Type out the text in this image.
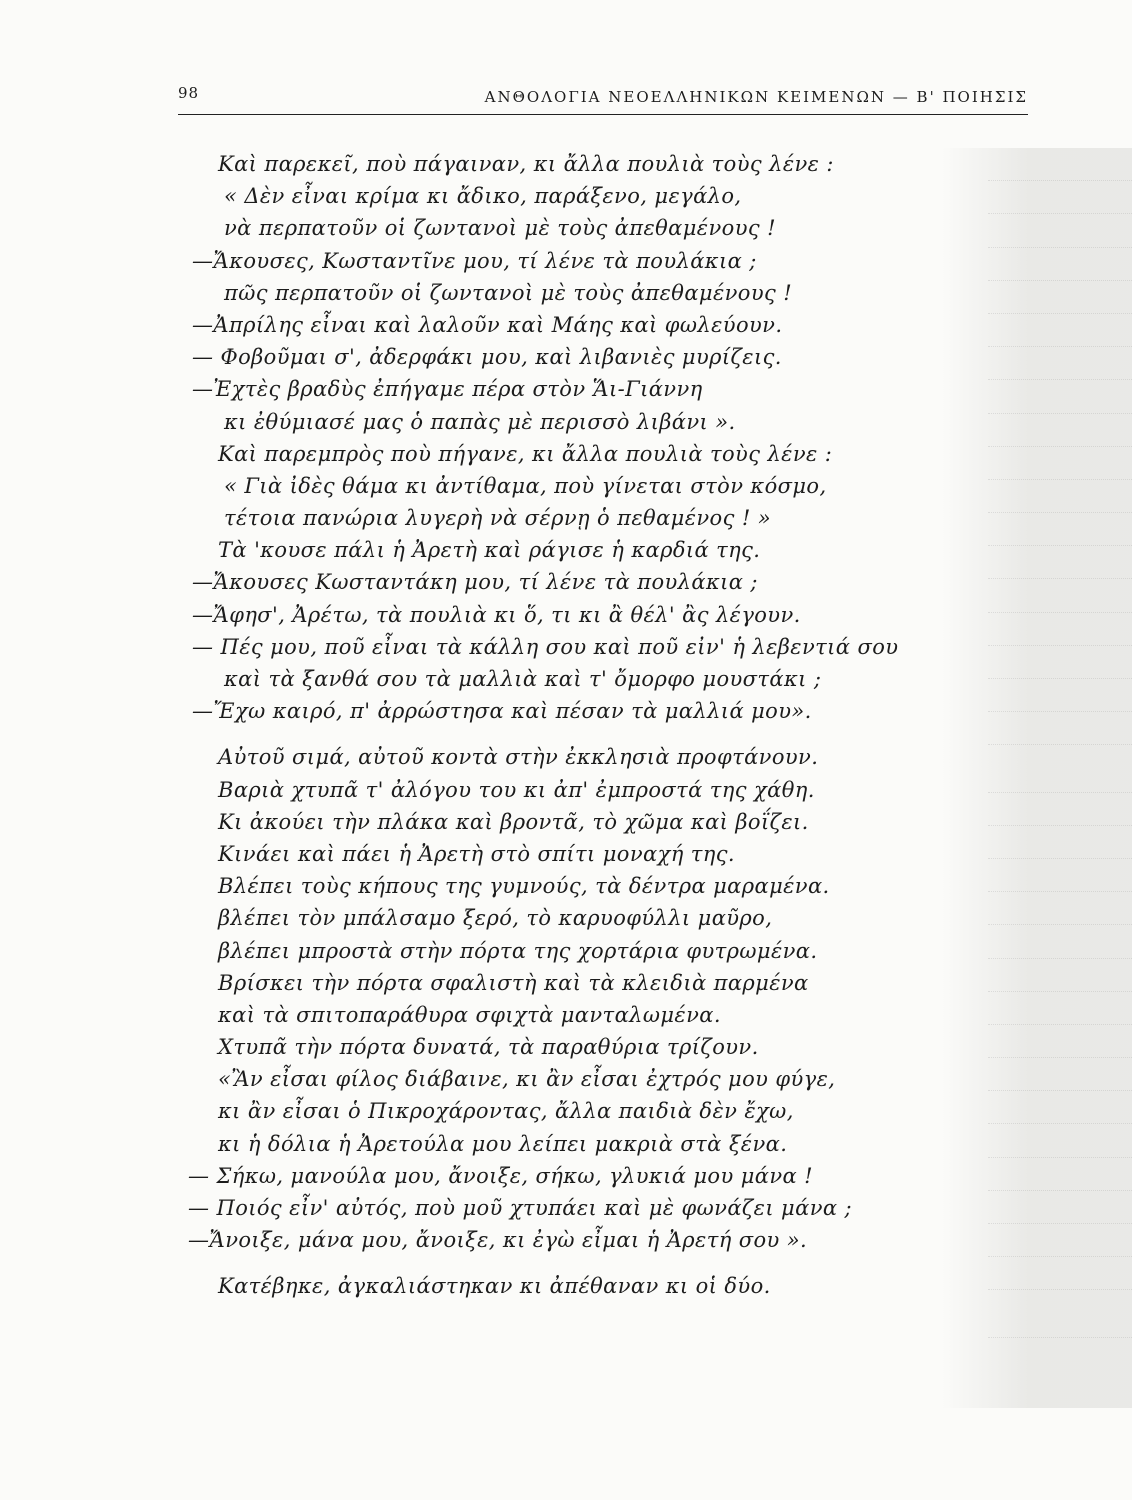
98	ΑΝΘΟΛΟΓΙΑ ΝΕΟΕΛΛΗΝΙΚΩΝ ΚΕΙΜΕΝΩΝ — Β' ΠΟΙΗΣΙΣ
Καὶ παρεκεῖ, ποὺ πάγαιναν, κι ἄλλα πουλιὰ τοὺς λένε :
« Δὲν εἶναι κρίμα κι ἄδικο, παράξενο, μεγάλο,
νὰ περπατοῦν οἱ ζωντανοὶ μὲ τοὺς ἀπεθαμένους !
—Ἄκουσες, Κωσταντῖνε μου, τί λένε τὰ πουλάκια ;
πῶς περπατοῦν οἱ ζωντανοὶ μὲ τοὺς ἀπεθαμένους !
—Ἀπρίλης εἶναι καὶ λαλοῦν καὶ Μάης καὶ φωλεύουν.
— Φοβοῦμαι σ', ἀδερφάκι μου, καὶ λιβανιὲς μυρίζεις.
—Ἐχτὲς βραδὺς ἐπήγαμε πέρα στὸν Ἅι-Γιάννη
κι ἐθύμιασέ μας ὁ παπὰς μὲ περισσὸ λιβάνι ».
Καὶ παρεμπρὸς ποὺ πήγανε, κι ἄλλα πουλιὰ τοὺς λένε :
« Γιὰ ἰδὲς θάμα κι ἀντίθαμα, ποὺ γίνεται στὸν κόσμο,
τέτοια πανώρια λυγερὴ νὰ σέρνῃ ὁ πεθαμένος ! »
Τὰ 'κουσε πάλι ἡ Ἀρετὴ καὶ ράγισε ἡ καρδιά της.
—Ἄκουσες Κωσταντάκη μου, τί λένε τὰ πουλάκια ;
—Ἄφησ', Ἀρέτω, τὰ πουλιὰ κι ὅ, τι κι ἂ θέλ' ἂς λέγουν.
— Πές μου, ποῦ εἶναι τὰ κάλλη σου καὶ ποῦ εἰν' ἡ λεβεντιά σου
καὶ τὰ ξανθά σου τὰ μαλλιὰ καὶ τ' ὄμορφο μουστάκι ;
—Ἔχω καιρό, π' ἀρρώστησα καὶ πέσαν τὰ μαλλιά μου».
Αὐτοῦ σιμά, αὐτοῦ κοντὰ στὴν ἐκκλησιὰ προφτάνουν.
Βαριὰ χτυπᾶ τ' ἀλόγου του κι ἀπ' ἐμπροστά της χάθη.
Κι ἀκούει τὴν πλάκα καὶ βροντᾶ, τὸ χῶμα καὶ βοΐζει.
Κινάει καὶ πάει ἡ Ἀρετὴ στὸ σπίτι μοναχή της.
Βλέπει τοὺς κήπους της γυμνούς, τὰ δέντρα μαραμένα.
βλέπει τὸν μπάλσαμο ξερό, τὸ καρυοφύλλι μαῦρο,
βλέπει μπροστὰ στὴν πόρτα της χορτάρια φυτρωμένα.
Βρίσκει τὴν πόρτα σφαλιστὴ καὶ τὰ κλειδιὰ παρμένα
καὶ τὰ σπιτοπαράθυρα σφιχτὰ μανταλωμένα.
Χτυπᾶ τὴν πόρτα δυνατά, τὰ παραθύρια τρίζουν.
«Ἂν εἶσαι φίλος διάβαινε, κι ἂν εἶσαι ἐχτρός μου φύγε,
κι ἂν εἶσαι ὁ Πικροχάροντας, ἄλλα παιδιὰ δὲν ἔχω,
κι ἡ δόλια ἡ Ἀρετούλα μου λείπει μακριὰ στὰ ξένα.
— Σήκω, μανούλα μου, ἄνοιξε, σήκω, γλυκιά μου μάνα !
— Ποιός εἶν' αὐτός, ποὺ μοῦ χτυπάει καὶ μὲ φωνάζει μάνα ;
—Ἄνοιξε, μάνα μου, ἄνοιξε, κι ἐγὼ εἶμαι ἡ Ἀρετή σου ».
Κατέβηκε, ἀγκαλιάστηκαν κι ἀπέθαναν κι οἱ δύο.
